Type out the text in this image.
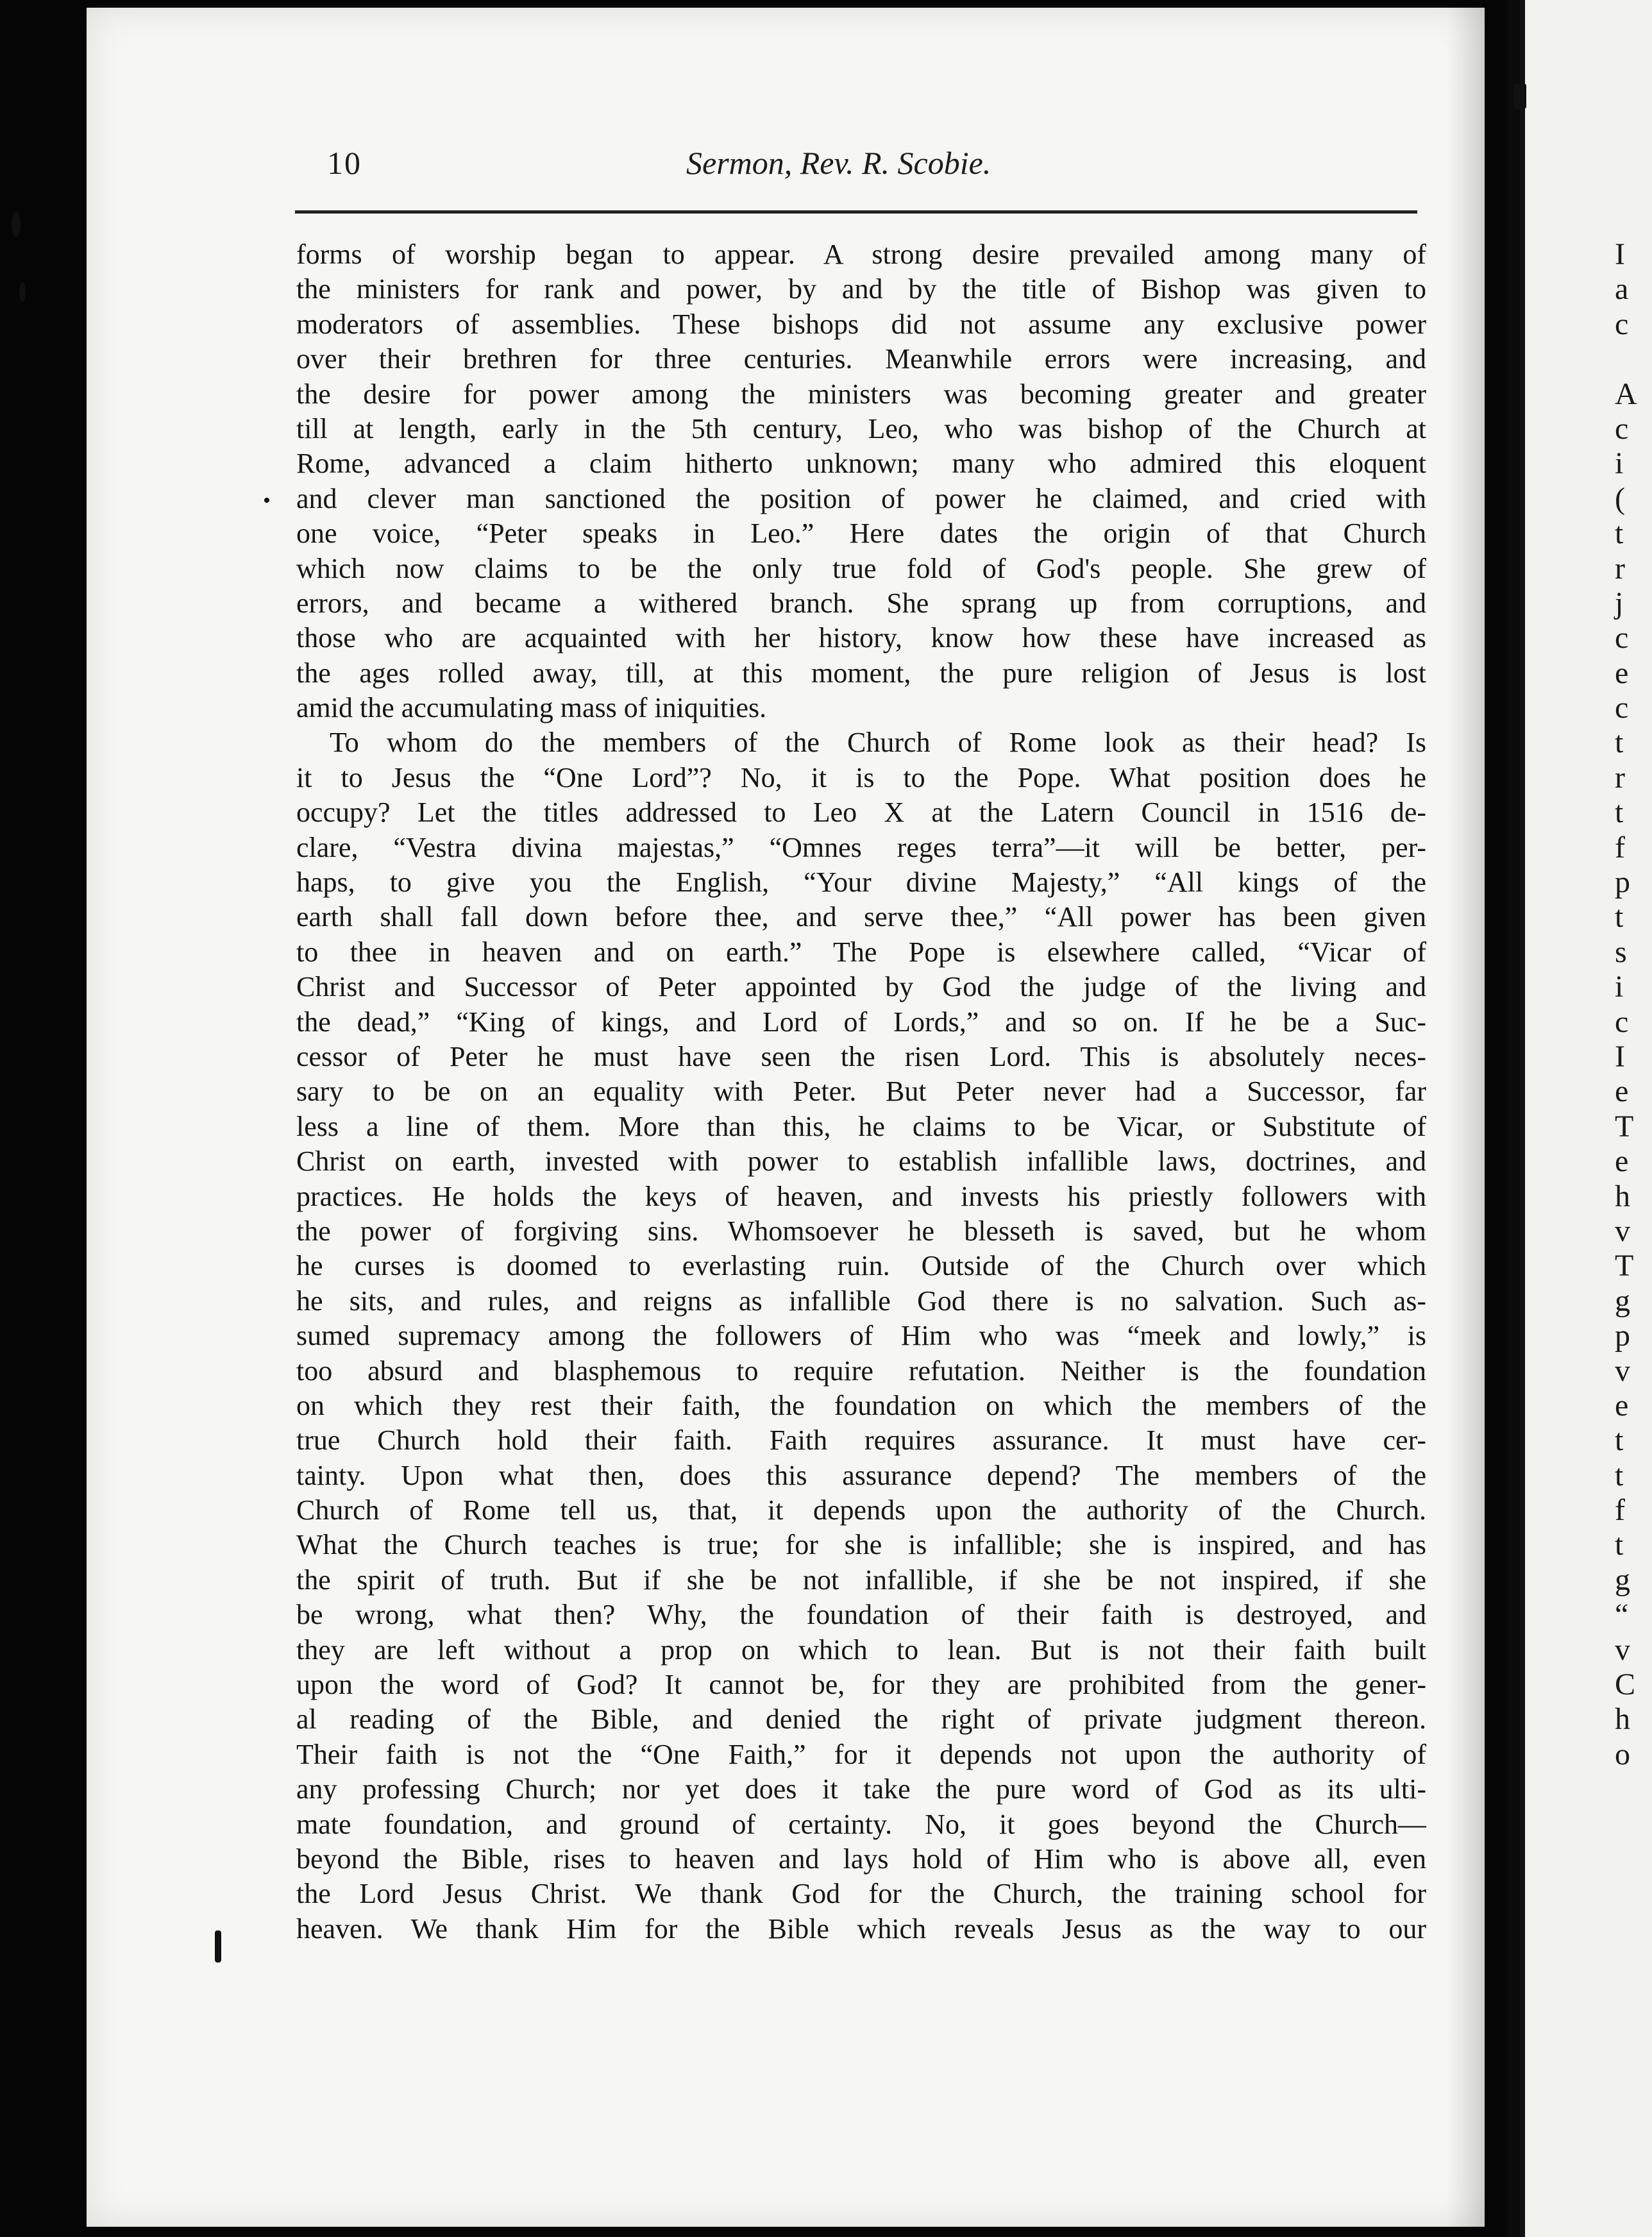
I
a
c
A
c
i
(
t
r
j
c
e
c
t
r
t
f
p
t
s
i
c
I
e
T
e
h
v
T
g
p
v
e
t
t
f
t
g
“
v
C
h
o
10	Sermon, Rev. R. Scobie.
forms of worship began to appear. A strong desire prevailed among many of
the ministers for rank and power, by and by the title of Bishop was given to
moderators of assemblies. These bishops did not assume any exclusive power
over their brethren for three centuries. Meanwhile errors were increasing, and
the desire for power among the ministers was becoming greater and greater
till at length, early in the 5th century, Leo, who was bishop of the Church at
Rome, advanced a claim hitherto unknown; many who admired this eloquent
and clever man sanctioned the position of power he claimed, and cried with
one voice, “Peter speaks in Leo.” Here dates the origin of that Church
which now claims to be the only true fold of God's people. She grew of
errors, and became a withered branch. She sprang up from corruptions, and
those who are acquainted with her history, know how these have increased as
the ages rolled away, till, at this moment, the pure religion of Jesus is lost
amid the accumulating mass of iniquities.
To whom do the members of the Church of Rome look as their head? Is
it to Jesus the “One Lord”? No, it is to the Pope. What position does he
occupy? Let the titles addressed to Leo X at the Latern Council in 1516 de-
clare, “Vestra divina majestas,” “Omnes reges terra”—it will be better, per-
haps, to give you the English, “Your divine Majesty,” “All kings of the
earth shall fall down before thee, and serve thee,” “All power has been given
to thee in heaven and on earth.” The Pope is elsewhere called, “Vicar of
Christ and Successor of Peter appointed by God the judge of the living and
the dead,” “King of kings, and Lord of Lords,” and so on. If he be a Suc-
cessor of Peter he must have seen the risen Lord. This is absolutely neces-
sary to be on an equality with Peter. But Peter never had a Successor, far
less a line of them. More than this, he claims to be Vicar, or Substitute of
Christ on earth, invested with power to establish infallible laws, doctrines, and
practices. He holds the keys of heaven, and invests his priestly followers with
the power of forgiving sins. Whomsoever he blesseth is saved, but he whom
he curses is doomed to everlasting ruin. Outside of the Church over which
he sits, and rules, and reigns as infallible God there is no salvation. Such as-
sumed supremacy among the followers of Him who was “meek and lowly,” is
too absurd and blasphemous to require refutation. Neither is the foundation
on which they rest their faith, the foundation on which the members of the
true Church hold their faith. Faith requires assurance. It must have cer-
tainty. Upon what then, does this assurance depend? The members of the
Church of Rome tell us, that, it depends upon the authority of the Church.
What the Church teaches is true; for she is infallible; she is inspired, and has
the spirit of truth. But if she be not infallible, if she be not inspired, if she
be wrong, what then? Why, the foundation of their faith is destroyed, and
they are left without a prop on which to lean. But is not their faith built
upon the word of God? It cannot be, for they are prohibited from the gener-
al reading of the Bible, and denied the right of private judgment thereon.
Their faith is not the “One Faith,” for it depends not upon the authority of
any professing Church; nor yet does it take the pure word of God as its ulti-
mate foundation, and ground of certainty. No, it goes beyond the Church—
beyond the Bible, rises to heaven and lays hold of Him who is above all, even
the Lord Jesus Christ. We thank God for the Church, the training school for
heaven. We thank Him for the Bible which reveals Jesus as the way to our
